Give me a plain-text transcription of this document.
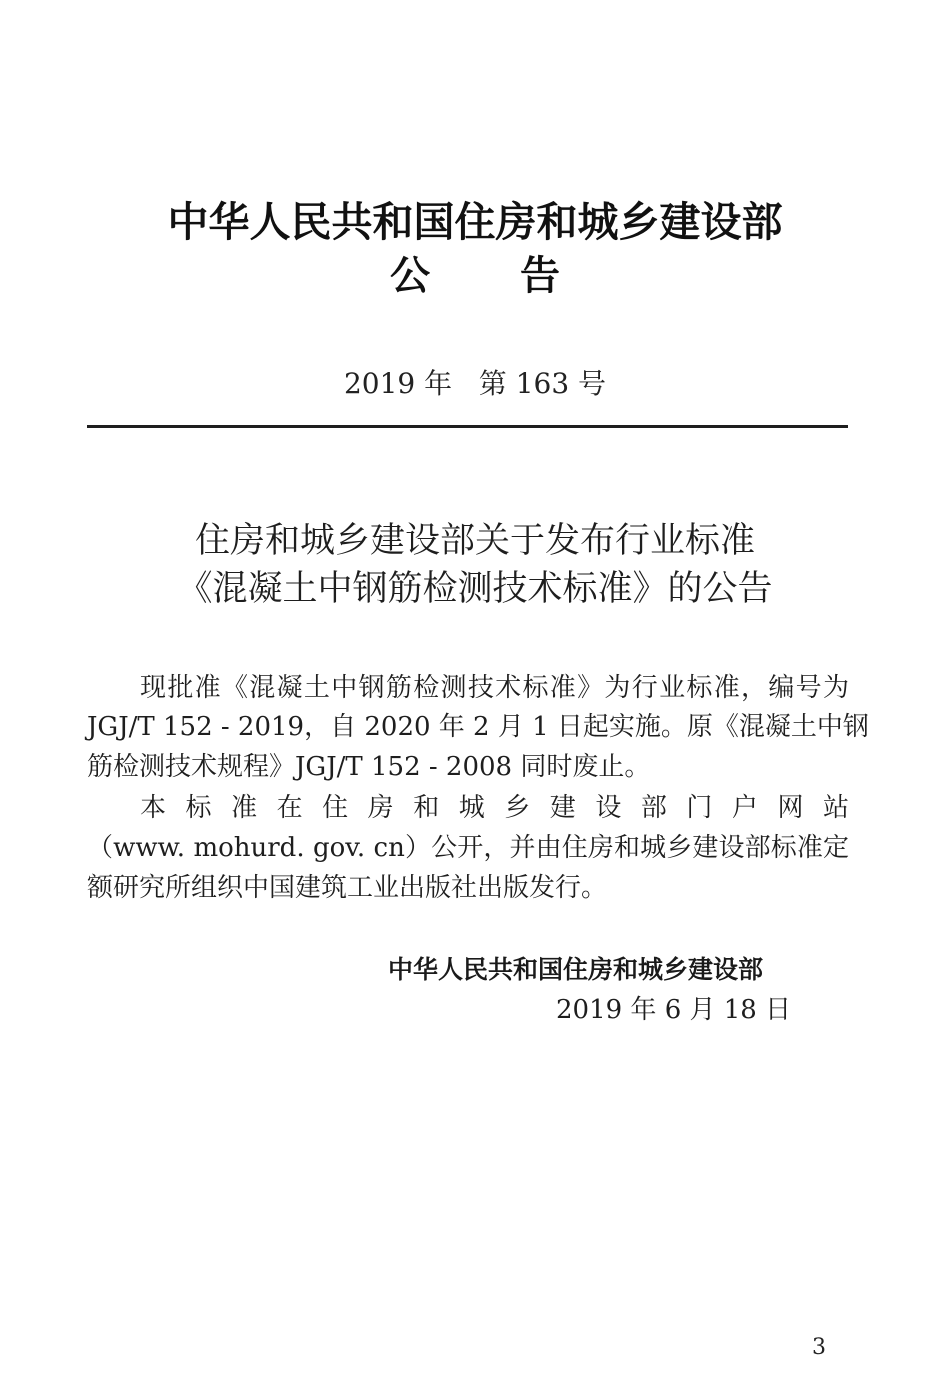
中华人民共和国住房和城乡建设部
公 告
2019 年   第 163 号
住房和城乡建设部关于发布行业标准
《混凝土中钢筋检测技术标准》的公告
现批准《混凝土中钢筋检测技术标准》为行业标准，编号为
JGJ/T 152 - 2019，自 2020 年 2 月 1 日起实施。原《混凝土中钢
筋检测技术规程》JGJ/T 152 - 2008 同时废止。
本 标 准 在 住 房 和 城 乡 建 设 部 门 户 网 站
（www. mohurd. gov. cn）公开，并由住房和城乡建设部标准定
额研究所组织中国建筑工业出版社出版发行。
中华人民共和国住房和城乡建设部
2019 年 6 月 18 日
3
